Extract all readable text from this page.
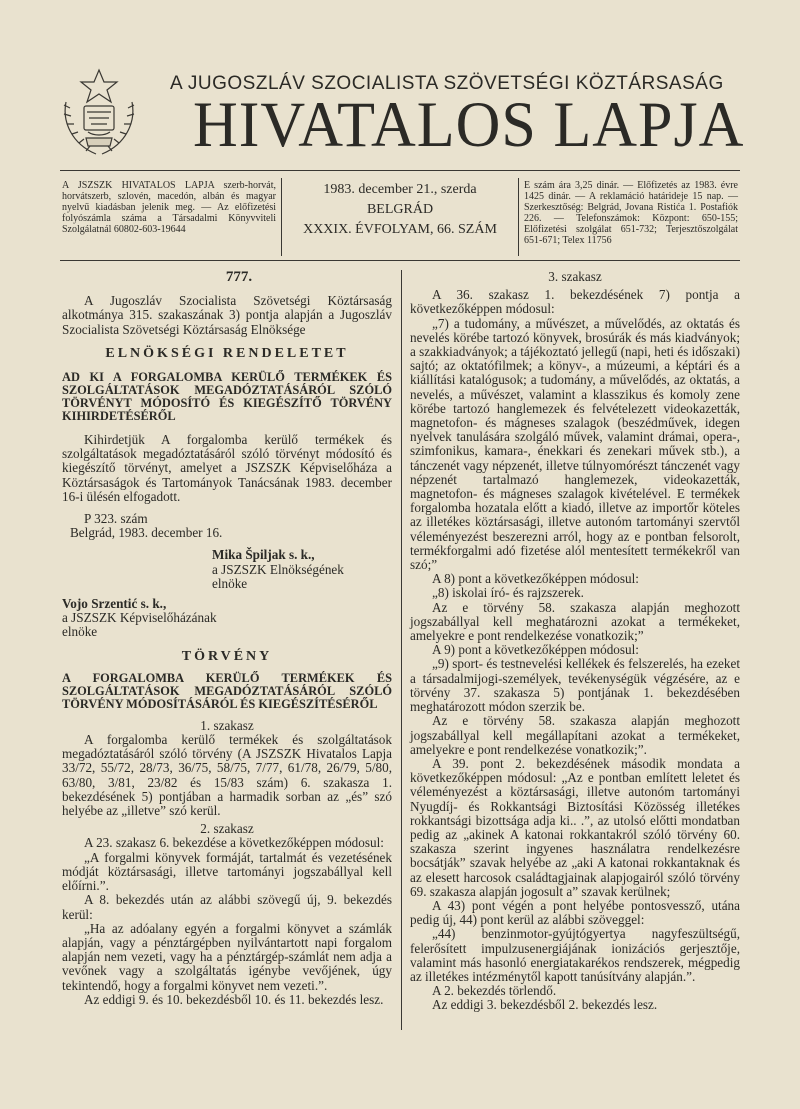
A JUGOSZLÁV SZOCIALISTA SZÖVETSÉGI KÖZTÁRSASÁG
HIVATALOS LAPJA
A JSZSZK HIVATALOS LAPJA szerb-horvát, horvátszerb, szlovén, macedón, albán és magyar nyelvű kiadásban jelenik meg. — Az előfizetési folyószámla száma a Társadalmi Könyvviteli Szolgálatnál 60802-603-19644
1983. december 21., szerda
BELGRÁD
XXXIX. ÉVFOLYAM, 66. SZÁM
E szám ára 3,25 dinár. — Előfizetés az 1983. évre 1425 dinár. — A reklamáció határideje 15 nap. — Szerkesztőség: Belgrád, Jovana Ristića 1. Postafiók 226. — Telefonszámok: Központ: 650-155; Előfizetési szolgálat 651-732; Terjesztőszolgálat 651-671; Telex 11756

777.

A Jugoszláv Szocialista Szövetségi Köztársaság alkotmánya 315. szakaszának 3) pontja alapján a Jugoszláv Szocialista Szövetségi Köztársaság Elnöksége

ELNÖKSÉGI RENDELETET

AD KI A FORGALOMBA KERÜLŐ TERMÉKEK ÉS SZOLGÁLTATÁSOK MEGADÓZTATÁSÁRÓL SZÓLÓ TÖRVÉNYT MÓDOSÍTÓ ÉS KIEGÉSZÍTŐ TÖRVÉNY KIHIRDETÉSÉRŐL

Kihirdetjük A forgalomba kerülő termékek és szolgáltatások megadóztatásáról szóló törvényt módosító és kiegészítő törvényt, amelyet a JSZSZK Képviselőháza a Köztársaságok és Tartományok Tanácsának 1983. december 16-i ülésén elfogadott.

P 323. szám

Belgrád, 1983. december 16.

Mika Špiljak s. k.,

a JSZSZK Elnökségének

elnöke

Vojo Srzentić s. k.,

a JSZSZK Képviselőházának

elnöke

TÖRVÉNY

A FORGALOMBA KERÜLŐ TERMÉKEK ÉS SZOLGÁLTATÁSOK MEGADÓZTATÁSÁRÓL SZÓLÓ TÖRVÉNY MÓDOSÍTÁSÁRÓL ÉS KIEGÉSZÍTÉSÉRŐL

1. szakasz

A forgalomba kerülő termékek és szolgáltatások megadóztatásáról szóló törvény (A JSZSZK Hivatalos Lapja 33/72, 55/72, 28/73, 36/75, 58/75, 7/77, 61/78, 26/79, 5/80, 63/80, 3/81, 23/82 és 15/83 szám) 6. szakasza 1. bekezdésének 5) pontjában a harmadik sorban az „és” szó helyébe az „illetve” szó kerül.

2. szakasz

A 23. szakasz 6. bekezdése a következőképpen módosul:

„A forgalmi könyvek formáját, tartalmát és vezetésének módját köztársasági, illetve tartományi jogszabállyal kell előírni.”.

A 8. bekezdés után az alábbi szövegű új, 9. bekezdés kerül:

„Ha az adóalany egyén a forgalmi könyvet a számlák alapján, vagy a pénztárgépben nyilvántartott napi forgalom alapján nem vezeti, vagy ha a pénztárgép-számlát nem adja a vevőnek vagy a szolgáltatás igénybe vevőjének, úgy tekintendő, hogy a forgalmi könyvet nem vezeti.”.

Az eddigi 9. és 10. bekezdésből 10. és 11. bekezdés lesz.

3. szakasz

A 36. szakasz 1. bekezdésének 7) pontja a következőképpen módosul:

„7) a tudomány, a művészet, a művelődés, az oktatás és nevelés körébe tartozó könyvek, brosúrák és más kiadványok; a szakkiadványok; a tájékoztató jellegű (napi, heti és időszaki) sajtó; az oktatófilmek; a könyv-, a múzeumi, a képtári és a kiállítási katalógusok; a tudomány, a művelődés, az oktatás, a nevelés, a művészet, valamint a klasszikus és komoly zene körébe tartozó hanglemezek és felvételezett videokazetták, magnetofon- és mágneses szalagok (beszédművek, idegen nyelvek tanulására szolgáló művek, valamint drámai, opera-, szimfonikus, kamara-, énekkari és zenekari művek stb.), a tánczenét vagy népzenét, illetve túlnyomórészt tánczenét vagy népzenét tartalmazó hanglemezek, videokazetták, magnetofon- és mágneses szalagok kivételével. E termékek forgalomba hozatala előtt a kiadó, illetve az importőr köteles az illetékes köztársasági, illetve autonóm tartományi szervtől véleményezést beszerezni arról, hogy az e pontban felsorolt, termékforgalmi adó fizetése alól mentesített termékekről van szó;”

A 8) pont a következőképpen módosul:

„8) iskolai író- és rajzszerek.

Az e törvény 58. szakasza alapján meghozott jogszabállyal kell meghatározni azokat a termékeket, amelyekre e pont rendelkezése vonatkozik;”

A 9) pont a következőképpen módosul:

„9) sport- és testnevelési kellékek és felszerelés, ha ezeket a társadalmijogi-személyek, tevékenységük végzésére, az e törvény 37. szakasza 5) pontjának 1. bekezdésében meghatározott módon szerzik be.

Az e törvény 58. szakasza alapján meghozott jogszabállyal kell megállapítani azokat a termékeket, amelyekre e pont rendelkezése vonatkozik;”.

A 39. pont 2. bekezdésének második mondata a következőképpen módosul: „Az e pontban említett leletet és véleményezést a köztársasági, illetve autonóm tartományi Nyugdíj- és Rokkantsági Biztosítási Közösség illetékes rokkantsági bizottsága adja ki.. .”, az utolsó előtti mondatban pedig az „akinek A katonai rokkantakról szóló törvény 60. szakasza szerint ingyenes használatra rendelkezésre bocsátják” szavak helyébe az „aki A katonai rokkantaknak és az elesett harcosok családtagjainak alapjogairól szóló törvény 69. szakasza alapján jogosult a” szavak kerülnek;

A 43) pont végén a pont helyébe pontosvessző, utána pedig új, 44) pont kerül az alábbi szöveggel:

„44) benzinmotor-gyújtógyertya nagyfeszültségű, felerősített impulzusenergiájának ionizációs gerjesztője, valamint más hasonló energiatakarékos rendszerek, mégpedig az illetékes intézménytől kapott tanúsítvány alapján.”.

A 2. bekezdés törlendő.

Az eddigi 3. bekezdésből 2. bekezdés lesz.
